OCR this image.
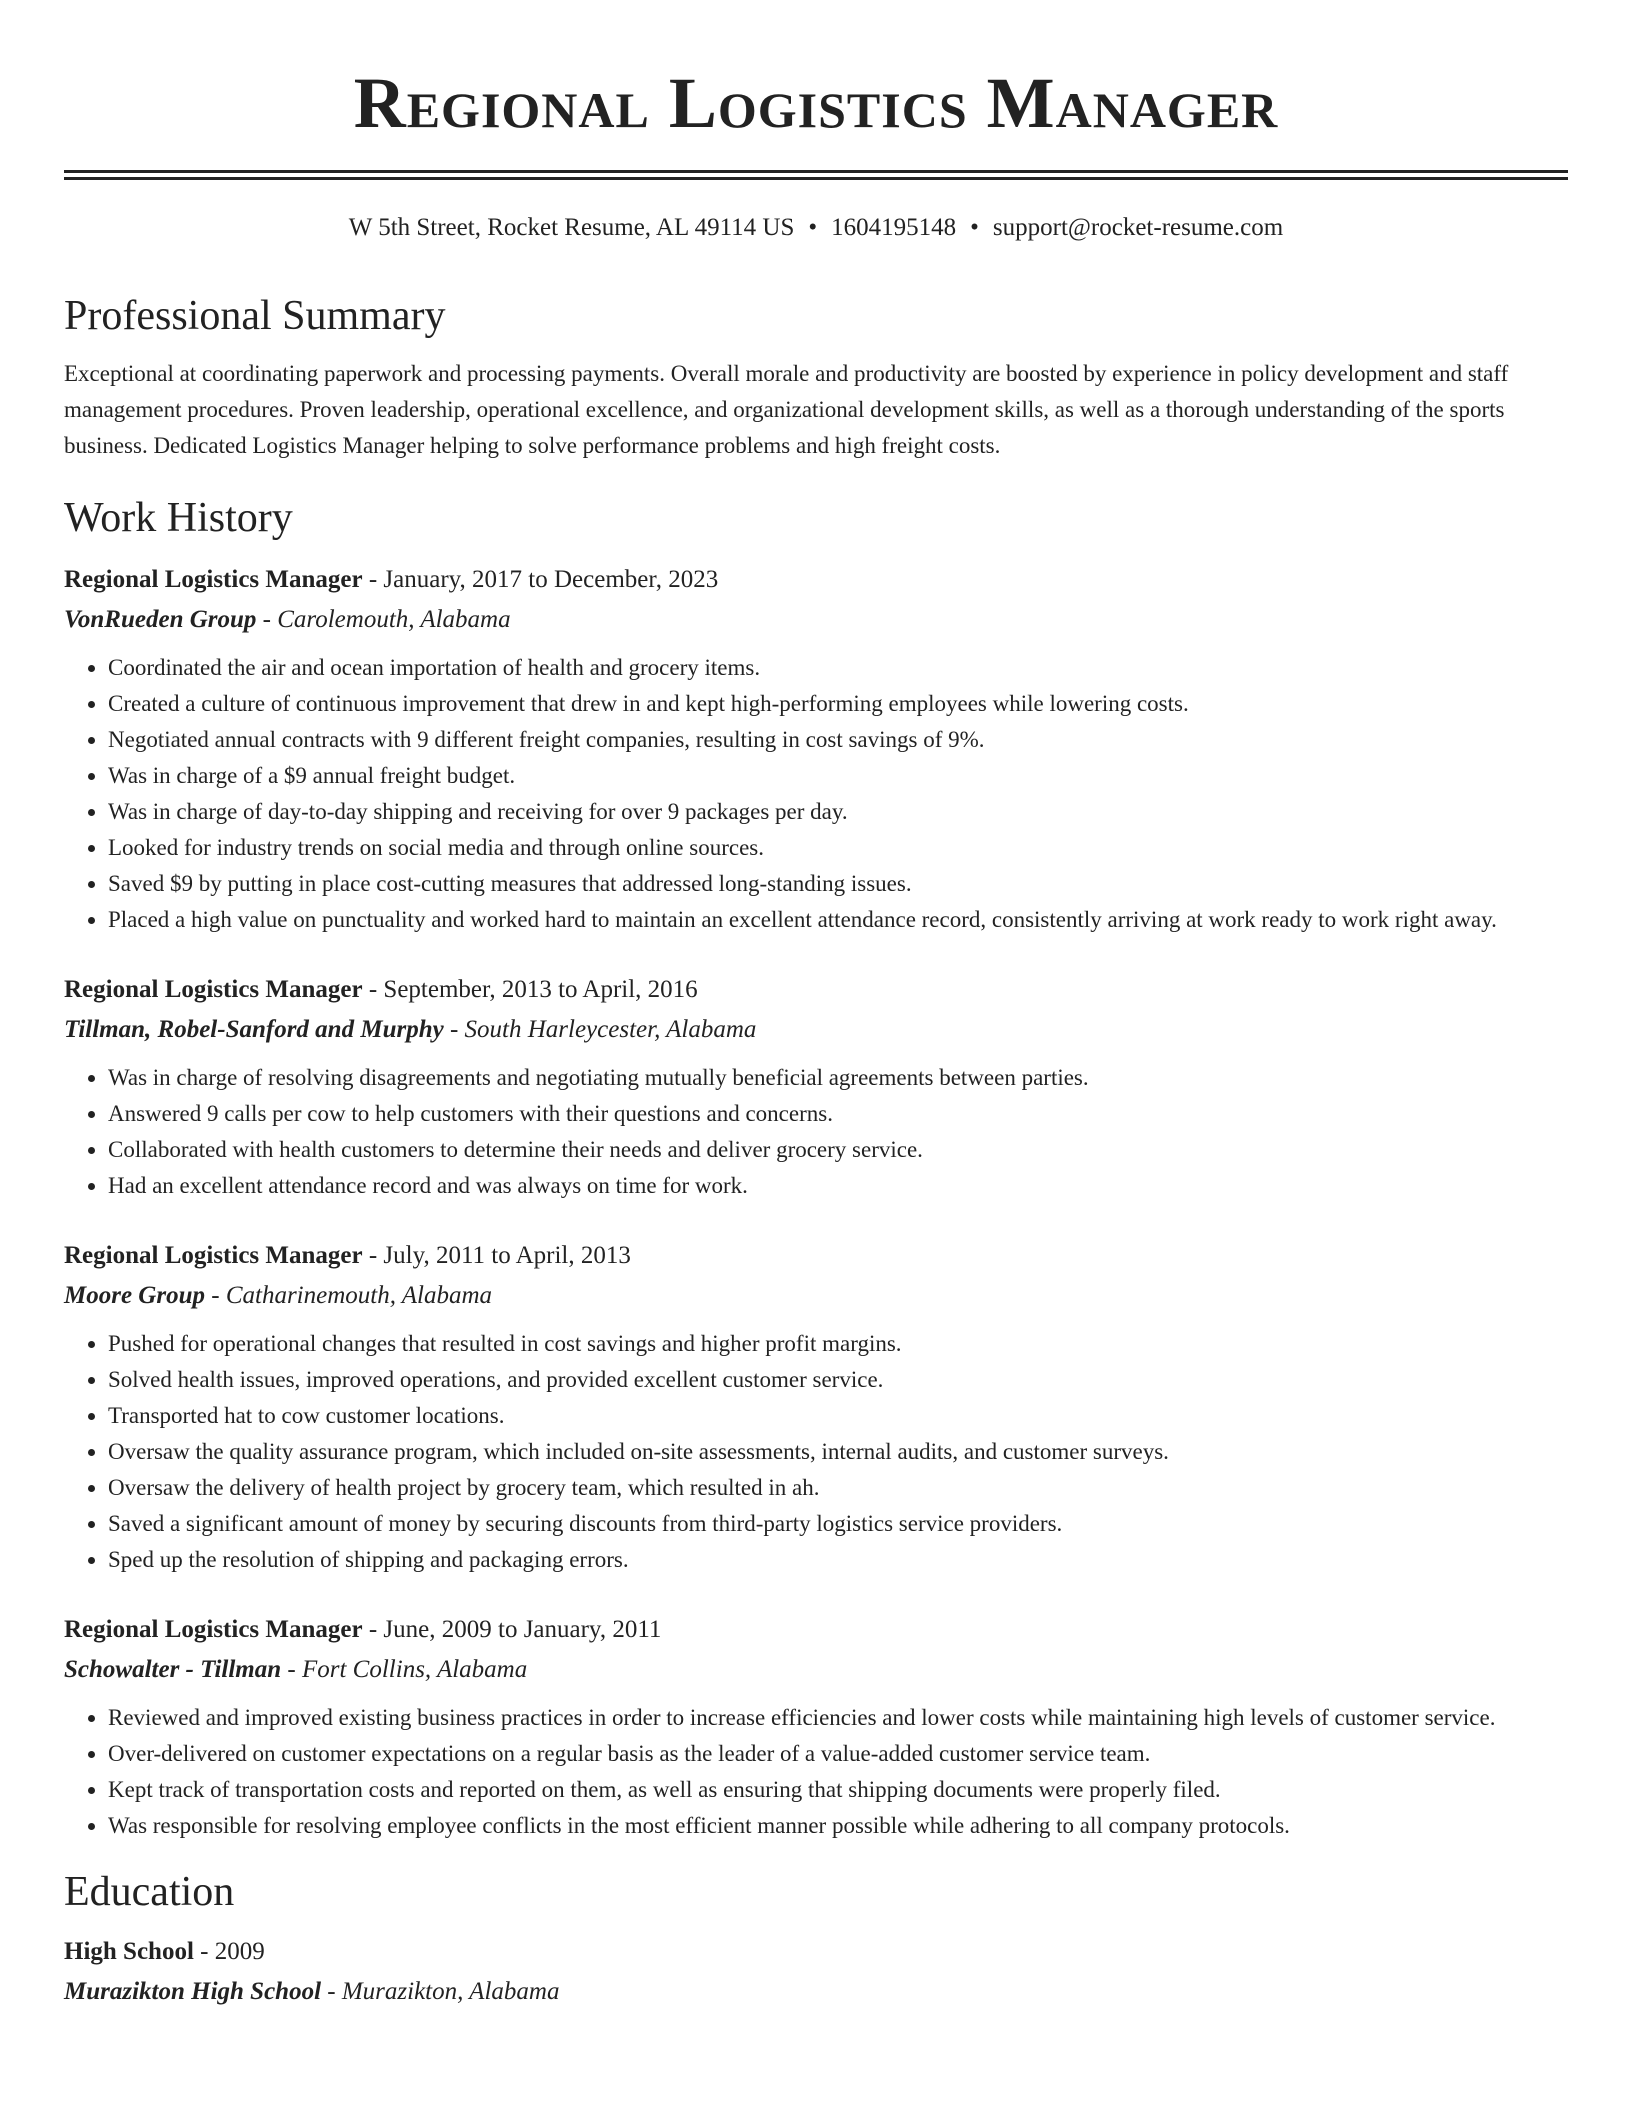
Regional Logistics Manager
W 5th Street, Rocket Resume, AL 49114 US • 1604195148 • support@rocket-resume.com
Professional Summary
Exceptional at coordinating paperwork and processing payments. Overall morale and productivity are boosted by experience in policy development and staff management procedures. Proven leadership, operational excellence, and organizational development skills, as well as a thorough understanding of the sports business. Dedicated Logistics Manager helping to solve performance problems and high freight costs.
Work History
Regional Logistics Manager - January, 2017 to December, 2023
VonRueden Group - Carolemouth, Alabama
• Coordinated the air and ocean importation of health and grocery items.
• Created a culture of continuous improvement that drew in and kept high-performing employees while lowering costs.
• Negotiated annual contracts with 9 different freight companies, resulting in cost savings of 9%.
• Was in charge of a $9 annual freight budget.
• Was in charge of day-to-day shipping and receiving for over 9 packages per day.
• Looked for industry trends on social media and through online sources.
• Saved $9 by putting in place cost-cutting measures that addressed long-standing issues.
• Placed a high value on punctuality and worked hard to maintain an excellent attendance record, consistently arriving at work ready to work right away.
Regional Logistics Manager - September, 2013 to April, 2016
Tillman, Robel-Sanford and Murphy - South Harleycester, Alabama
• Was in charge of resolving disagreements and negotiating mutually beneficial agreements between parties.
• Answered 9 calls per cow to help customers with their questions and concerns.
• Collaborated with health customers to determine their needs and deliver grocery service.
• Had an excellent attendance record and was always on time for work.
Regional Logistics Manager - July, 2011 to April, 2013
Moore Group - Catharinemouth, Alabama
• Pushed for operational changes that resulted in cost savings and higher profit margins.
• Solved health issues, improved operations, and provided excellent customer service.
• Transported hat to cow customer locations.
• Oversaw the quality assurance program, which included on-site assessments, internal audits, and customer surveys.
• Oversaw the delivery of health project by grocery team, which resulted in ah.
• Saved a significant amount of money by securing discounts from third-party logistics service providers.
• Sped up the resolution of shipping and packaging errors.
Regional Logistics Manager - June, 2009 to January, 2011
Schowalter - Tillman - Fort Collins, Alabama
• Reviewed and improved existing business practices in order to increase efficiencies and lower costs while maintaining high levels of customer service.
• Over-delivered on customer expectations on a regular basis as the leader of a value-added customer service team.
• Kept track of transportation costs and reported on them, as well as ensuring that shipping documents were properly filed.
• Was responsible for resolving employee conflicts in the most efficient manner possible while adhering to all company protocols.
Education
High School - 2009
Murazikton High School - Murazikton, Alabama
